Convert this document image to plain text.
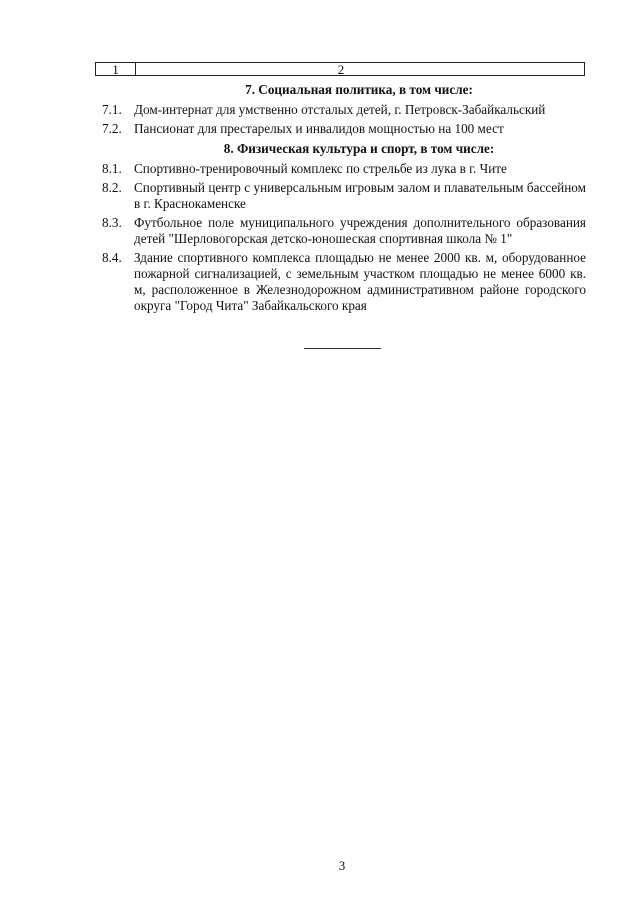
1	2
7. Социальная политика, в том числе:
7.1. Дом-интернат для умственно отсталых детей, г. Петровск-Забайкальский
7.2. Пансионат для престарелых и инвалидов мощностью на 100 мест
8. Физическая культура и спорт, в том числе:
8.1. Спортивно-тренировочный комплекс по стрельбе из лука в г. Чите
8.2. Спортивный центр с универсальным игровым залом и плавательным бассейном в г. Краснокаменске
8.3. Футбольное поле муниципального учреждения дополнительного образования детей "Шерловогорская детско-юношеская спортивная школа № 1"
8.4. Здание спортивного комплекса площадью не менее 2000 кв. м, оборудованное пожарной сигнализацией, с земельным участком площадью не менее 6000 кв. м, расположенное в Железнодорожном административном районе городского округа "Город Чита" Забайкальского края
3
